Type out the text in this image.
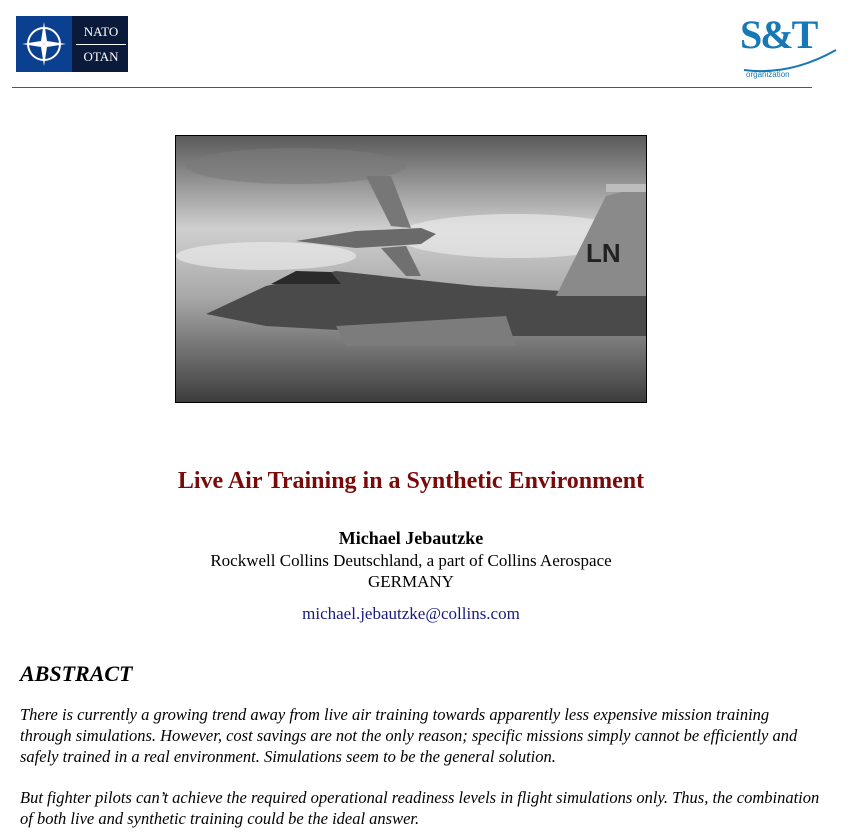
NATO
OTAN	S&T
organization
LN
Live Air Training in a Synthetic Environment
Michael Jebautzke
Rockwell Collins Deutschland, a part of Collins Aerospace
GERMANY
michael.jebautzke@collins.com
ABSTRACT
There is currently a growing trend away from live air training towards apparently less expensive mission training through simulations. However, cost savings are not the only reason; specific missions simply cannot be efficiently and safely trained in a real environment. Simulations seem to be the general solution.
But fighter pilots can’t achieve the required operational readiness levels in flight simulations only. Thus, the combination of both live and synthetic training could be the ideal answer.
